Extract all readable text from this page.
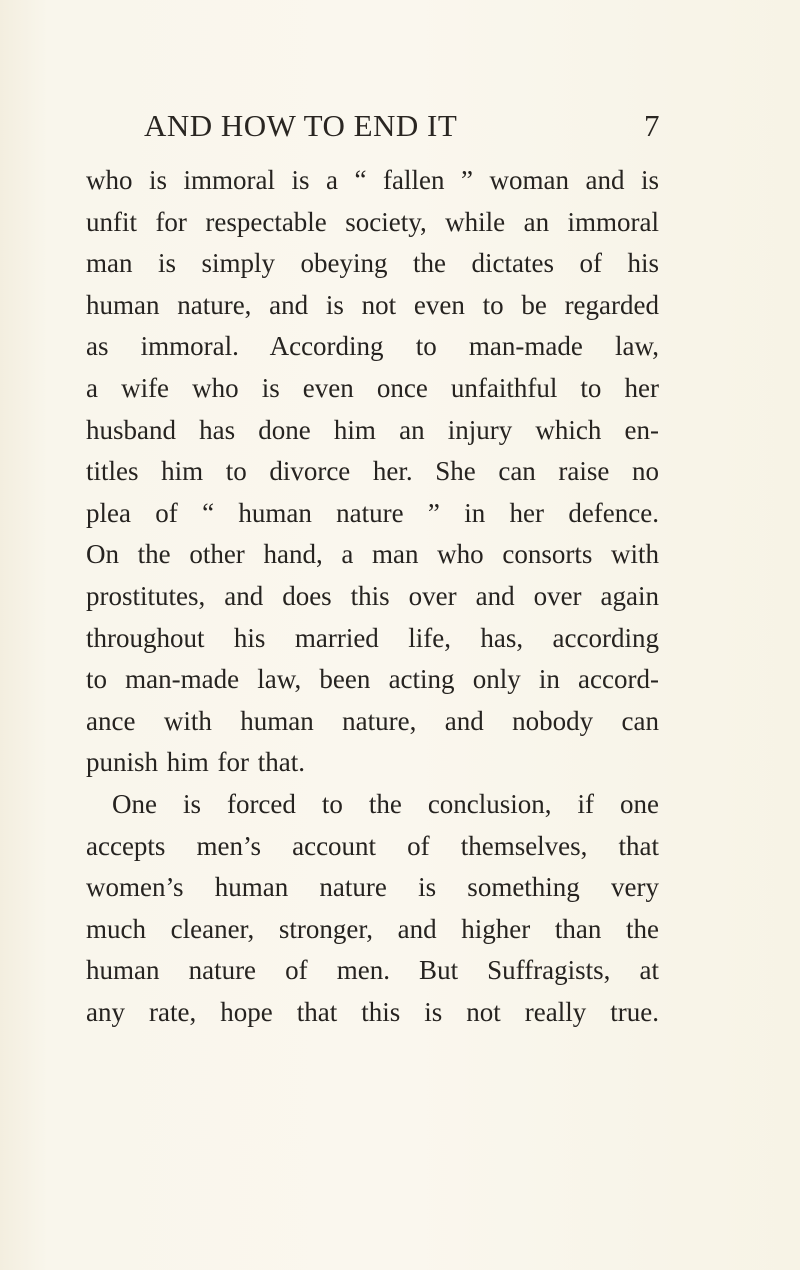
AND HOW TO END IT	7
who is immoral is a “ fallen ” woman and is
unfit for respectable society, while an immoral
man is simply obeying the dictates of his
human nature, and is not even to be regarded
as immoral. According to man-made law,
a wife who is even once unfaithful to her
husband has done him an injury which en-
titles him to divorce her. She can raise no
plea of “ human nature ” in her defence.
On the other hand, a man who consorts with
prostitutes, and does this over and over again
throughout his married life, has, according
to man-made law, been acting only in accord-
ance with human nature, and nobody can
punish him for that.
One is forced to the conclusion, if one
accepts men’s account of themselves, that
women’s human nature is something very
much cleaner, stronger, and higher than the
human nature of men. But Suffragists, at
any rate, hope that this is not really true.
